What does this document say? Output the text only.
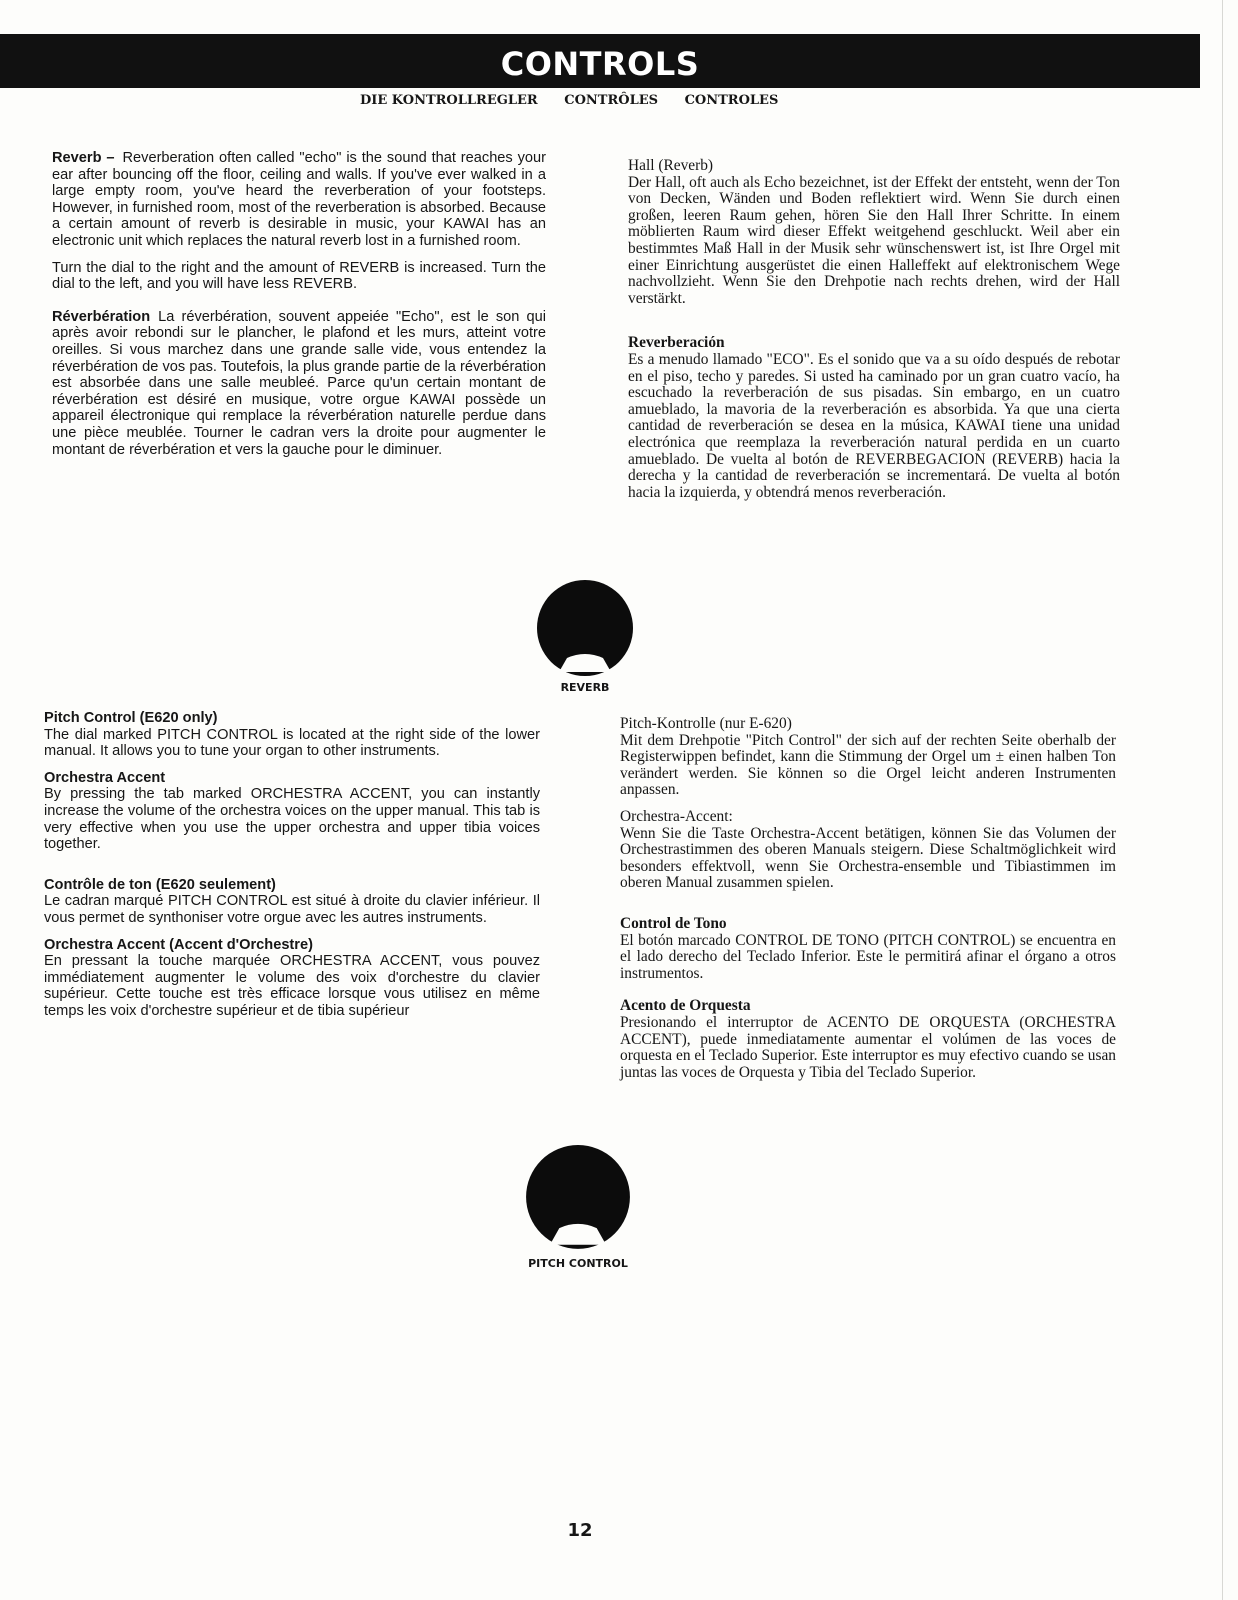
CONTROLS
DIE KONTROLLREGLER CONTRÔLES CONTROLES

Reverb – Reverberation often called "echo" is the sound that reaches your ear after bouncing off the floor, ceiling and walls. If you've ever walked in a large empty room, you've heard the reverberation of your footsteps. However, in furnished room, most of the reverberation is absorbed. Because a certain amount of reverb is desirable in music, your KAWAI has an electronic unit which replaces the natural reverb lost in a furnished room.

Turn the dial to the right and the amount of REVERB is increased. Turn the dial to the left, and you will have less REVERB.

Réverbération La réverbération, souvent appeiée "Echo", est le son qui après avoir rebondi sur le plancher, le plafond et les murs, atteint votre oreilles. Si vous marchez dans une grande salle vide, vous entendez la réverbération de vos pas. Toutefois, la plus grande partie de la réverbération est absorbée dans une salle meubleé. Parce qu'un certain montant de réverbération est désiré en musique, votre orgue KAWAI possède un appareil électronique qui remplace la réverbération naturelle perdue dans une pièce meublée. Tourner le cadran vers la droite pour augmenter le montant de réverbération et vers la gauche pour le diminuer.

Hall (Reverb)

Der Hall, oft auch als Echo bezeichnet, ist der Effekt der entsteht, wenn der Ton von Decken, Wänden und Boden reflektiert wird. Wenn Sie durch einen großen, leeren Raum gehen, hören Sie den Hall Ihrer Schritte. In einem möblierten Raum wird dieser Effekt weitgehend geschluckt. Weil aber ein bestimmtes Maß Hall in der Musik sehr wünschenswert ist, ist Ihre Orgel mit einer Einrichtung ausgerüstet die einen Halleffekt auf elektronischem Wege nachvollzieht. Wenn Sie den Drehpotie nach rechts drehen, wird der Hall verstärkt.

Reverberación

Es a menudo llamado "ECO". Es el sonido que va a su oído después de rebotar en el piso, techo y paredes. Si usted ha caminado por un gran cuatro vacío, ha escuchado la reverberación de sus pisadas. Sin embargo, en un cuatro amueblado, la mavoria de la reverberación es absorbida. Ya que una cierta cantidad de reverberación se desea en la música, KAWAI tiene una unidad electrónica que reemplaza la reverberación natural perdida en un cuarto amueblado. De vuelta al botón de REVERBEGACION (REVERB) hacia la derecha y la cantidad de reverberación se incrementará. De vuelta al botón hacia la izquierda, y obtendrá menos reverberación.

REVERB
Pitch Control (E620 only)

The dial marked PITCH CONTROL is located at the right side of the lower manual. It allows you to tune your organ to other instruments.

Orchestra Accent

By pressing the tab marked ORCHESTRA ACCENT, you can instantly increase the volume of the orchestra voices on the upper manual. This tab is very effective when you use the upper orchestra and upper tibia voices together.

Contrôle de ton (E620 seulement)

Le cadran marqué PITCH CONTROL est situé à droite du clavier inférieur. Il vous permet de synthoniser votre orgue avec les autres instruments.

Orchestra Accent (Accent d'Orchestre)

En pressant la touche marquée ORCHESTRA ACCENT, vous pouvez immédiatement augmenter le volume des voix d'orchestre du clavier supérieur. Cette touche est très efficace lorsque vous utilisez en même temps les voix d'orchestre supérieur et de tibia supérieur

Pitch-Kontrolle (nur E-620)

Mit dem Drehpotie "Pitch Control" der sich auf der rechten Seite oberhalb der Registerwippen befindet, kann die Stimmung der Orgel um ± einen halben Ton verändert werden. Sie können so die Orgel leicht anderen Instrumenten anpassen.

Orchestra-Accent:

Wenn Sie die Taste Orchestra-Accent betätigen, können Sie das Volumen der Orchestrastimmen des oberen Manuals steigern. Diese Schaltmöglichkeit wird besonders effektvoll, wenn Sie Orchestra-ensemble und Tibiastimmen im oberen Manual zusammen spielen.

Control de Tono

El botón marcado CONTROL DE TONO (PITCH CONTROL) se encuentra en el lado derecho del Teclado Inferior. Este le permitirá afinar el órgano a otros instrumentos.

Acento de Orquesta

Presionando el interruptor de ACENTO DE ORQUESTA (ORCHESTRA ACCENT), puede inmediatamente aumentar el volúmen de las voces de orquesta en el Teclado Superior. Este interruptor es muy efectivo cuando se usan juntas las voces de Orquesta y Tibia del Teclado Superior.

PITCH CONTROL
12
